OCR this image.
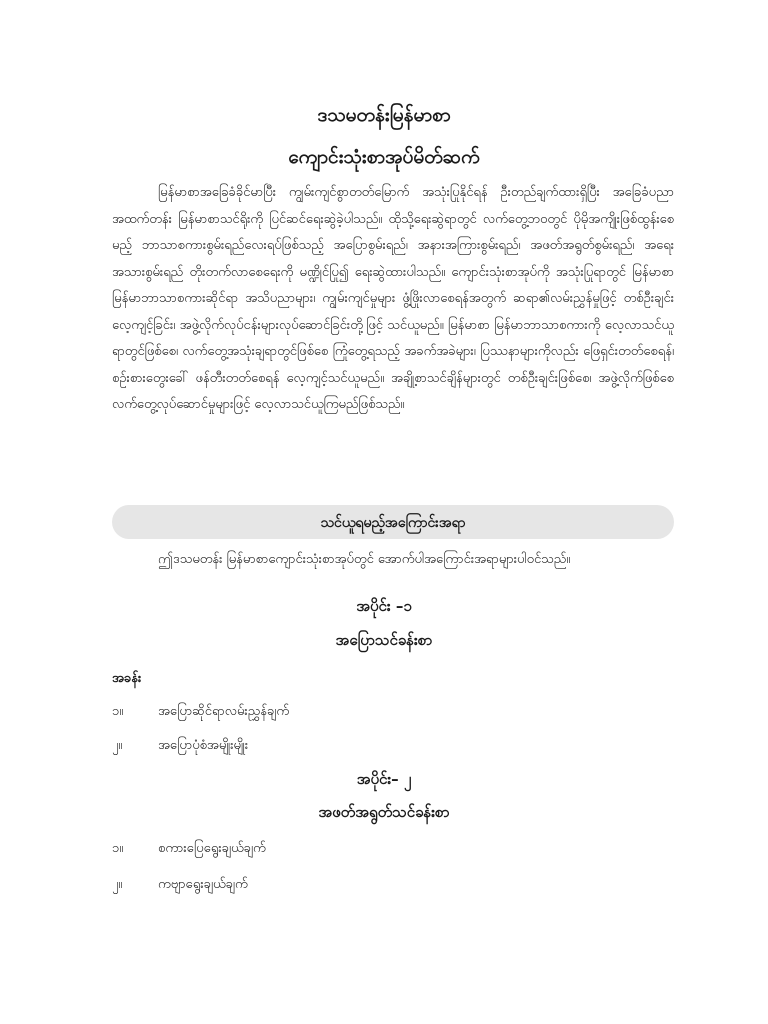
ဒသမတန်းမြန်မာစာ
ကျောင်းသုံးစာအုပ်မိတ်ဆက်
မြန်မာစာအခြေခံခိုင်မာပြီး ကျွမ်းကျင်စွာတတ်မြောက် အသုံးပြုနိုင်ရန် ဦးတည်ချက်ထားရှိပြီး အခြေခံပညာအထက်တန်း မြန်မာစာသင်ရိုးကို ပြင်ဆင်ရေးဆွဲခဲ့ပါသည်။ ထိုသို့ရေးဆွဲရာတွင် လက်တွေ့ဘဝတွင် ပိုမိုအကျိုးဖြစ်ထွန်းစေမည့် ဘာသာစကားစွမ်းရည်လေးရပ်ဖြစ်သည့် အပြောစွမ်းရည်၊ အနားအကြားစွမ်းရည်၊ အဖတ်အရွတ်စွမ်းရည်၊ အရေးအသားစွမ်းရည် တိုးတက်လာစေရေးကို မဏ္ဍိုင်ပြု၍ ရေးဆွဲထားပါသည်။ ကျောင်းသုံးစာအုပ်ကို အသုံးပြုရာတွင် မြန်မာစာ မြန်မာဘာသာစကားဆိုင်ရာ အသိပညာများ၊ ကျွမ်းကျင်မှုများ ဖွံ့ဖြိုးလာစေရန်အတွက် ဆရာ၏လမ်းညွှန်မှုဖြင့် တစ်ဦးချင်းလေ့ကျင့်ခြင်း၊ အဖွဲ့လိုက်လုပ်ငန်းများလုပ်ဆောင်ခြင်းတို့ဖြင့် သင်ယူမည်။ မြန်မာစာ မြန်မာဘာသာစကားကို လေ့လာသင်ယူရာတွင်ဖြစ်စေ၊ လက်တွေ့အသုံးချရာတွင်ဖြစ်စေ ကြုံတွေ့ရသည့် အခက်အခဲများ၊ ပြဿနာများကိုလည်း ဖြေရှင်းတတ်စေရန်၊ စဉ်းစားတွေးခေါ် ဖန်တီးတတ်စေရန် လေ့ကျင့်သင်ယူမည်။ အချို့စာသင်ချိန်များတွင် တစ်ဦးချင်းဖြစ်စေ၊ အဖွဲ့လိုက်ဖြစ်စေ လက်တွေ့လုပ်ဆောင်မှုများဖြင့် လေ့လာသင်ယူကြမည်ဖြစ်သည်။
သင်ယူရမည့်အကြောင်းအရာ
ဤဒသမတန်း မြန်မာစာကျောင်းသုံးစာအုပ်တွင် အောက်ပါအကြောင်းအရာများပါဝင်သည်။
အပိုင်း –၁
အပြောသင်ခန်းစာ
အခန်း
၁။	အပြောဆိုင်ရာလမ်းညွှန်ချက်
၂။	အပြောပုံစံအမျိုးမျိုး
အပိုင်း– ၂
အဖတ်အရွတ်သင်ခန်းစာ
၁။	စကားပြေရွေးချယ်ချက်
၂။	ကဗျာရွေးချယ်ချက်
